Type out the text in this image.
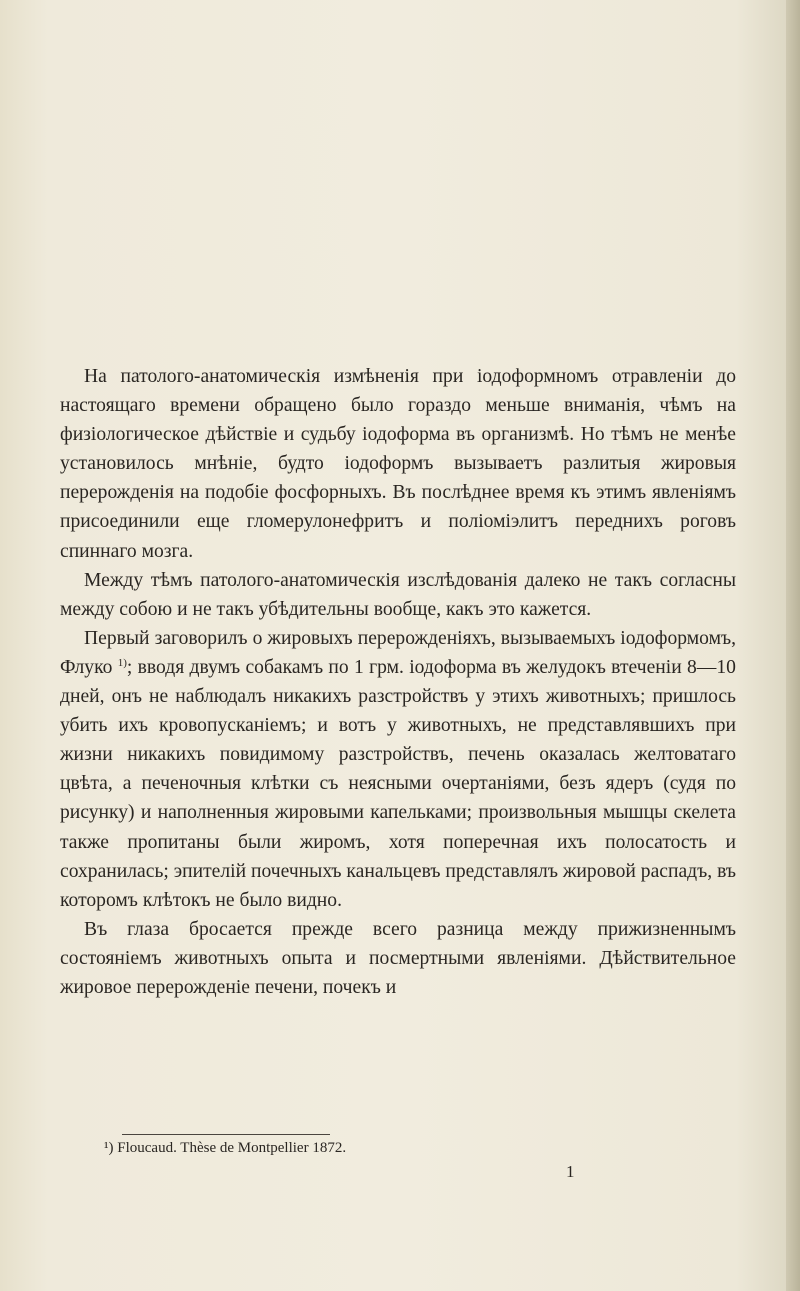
На патолого-анатомическія измѣненія при іодоформномъ отравленіи до настоящаго времени обращено было гораздо меньше вниманія, чѣмъ на физіологическое дѣйствіе и судьбу іодоформа въ организмѣ. Но тѣмъ не менѣе установилось мнѣніе, будто іодоформъ вызываетъ разлитыя жировыя перерожденія на подобіе фосфорныхъ. Въ послѣднее время къ этимъ явленіямъ присоединили еще гломерулонефритъ и поліоміэлитъ переднихъ роговъ спиннаго мозга.

Между тѣмъ патолого-анатомическія изслѣдованія далеко не такъ согласны между собою и не такъ убѣдительны вообще, какъ это кажется.

Первый заговорилъ о жировыхъ перерожденіяхъ, вызываемыхъ іодоформомъ, Флуко $^{1)}$; вводя двумъ собакамъ по 1 грм. іодоформа въ желудокъ втеченіи 8—10 дней, онъ не наблюдалъ никакихъ разстройствъ у этихъ животныхъ; пришлось убить ихъ кровопусканіемъ; и вотъ у животныхъ, не представлявшихъ при жизни никакихъ повидимому разстройствъ, печень оказалась желтоватаго цвѣта, а печеночныя клѣтки съ неясными очертаніями, безъ ядеръ (судя по рисунку) и наполненныя жировыми капельками; произвольныя мышцы скелета также пропитаны были жиромъ, хотя поперечная ихъ полосатость и сохранилась; эпителій почечныхъ канальцевъ представлялъ жировой распадъ, въ которомъ клѣтокъ не было видно.

Въ глаза бросается прежде всего разница между прижизненнымъ состояніемъ животныхъ опыта и посмертными явленіями. Дѣйствительное жировое перерожденіе печени, почекъ и

¹) Floucaud. Thèse de Montpellier 1872.
1
